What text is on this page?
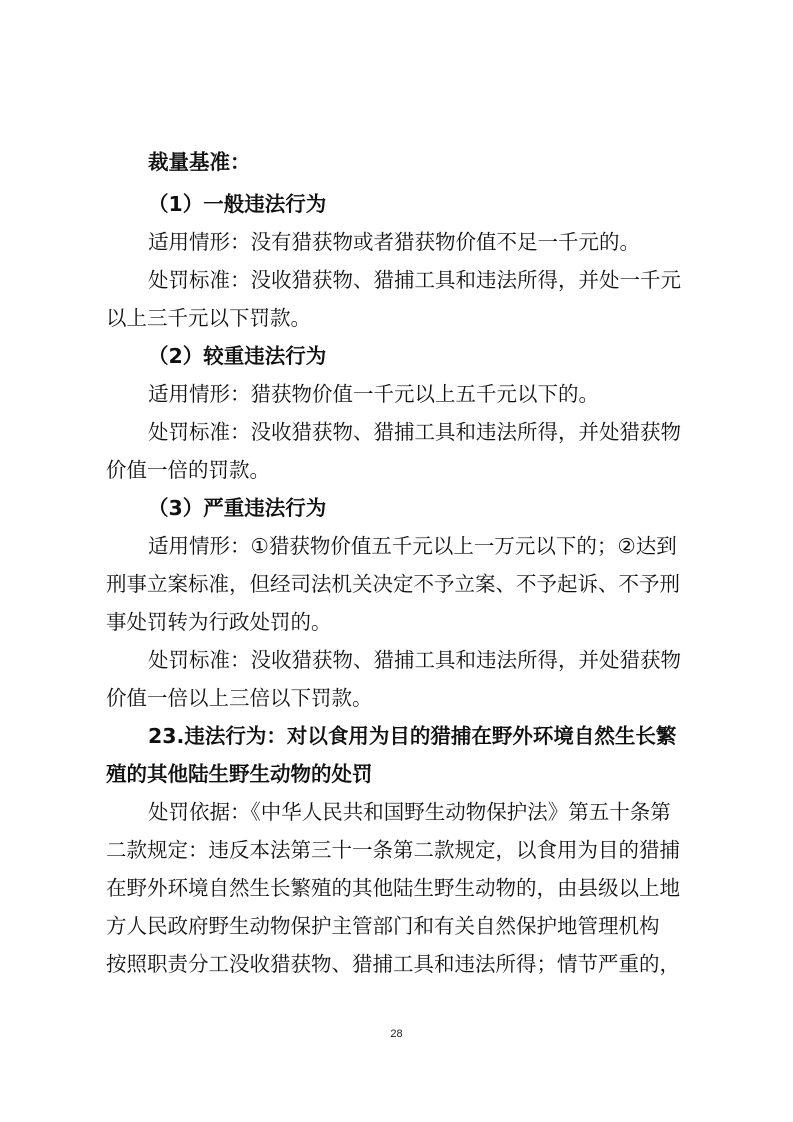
裁量基准：
（1）一般违法行为
适用情形：没有猎获物或者猎获物价值不足一千元的。
处罚标准：没收猎获物、猎捕工具和违法所得，并处一千元
以上三千元以下罚款。
（2）较重违法行为
适用情形：猎获物价值一千元以上五千元以下的。
处罚标准：没收猎获物、猎捕工具和违法所得，并处猎获物
价值一倍的罚款。
（3）严重违法行为
适用情形：①猎获物价值五千元以上一万元以下的；②达到
刑事立案标准，但经司法机关决定不予立案、不予起诉、不予刑
事处罚转为行政处罚的。
处罚标准：没收猎获物、猎捕工具和违法所得，并处猎获物
价值一倍以上三倍以下罚款。
23.违法行为：对以食用为目的猎捕在野外环境自然生长繁
殖的其他陆生野生动物的处罚
处罚依据：《中华人民共和国野生动物保护法》第五十条第
二款规定：违反本法第三十一条第二款规定，以食用为目的猎捕
在野外环境自然生长繁殖的其他陆生野生动物的，由县级以上地
方人民政府野生动物保护主管部门和有关自然保护地管理机构
按照职责分工没收猎获物、猎捕工具和违法所得；情节严重的，
28
